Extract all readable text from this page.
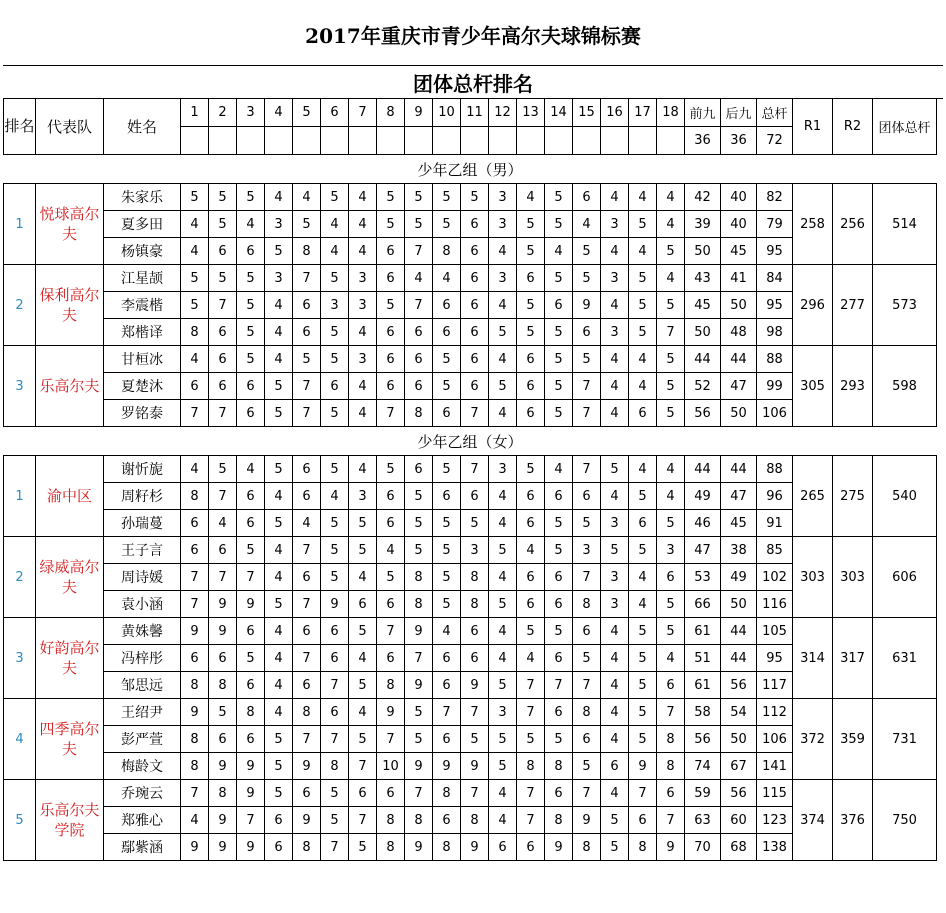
2017年重庆市青少年高尔夫球锦标赛
团体总杆排名
排名	代表队	姓名	1	2	3	4	5	6	7	8	9	10	11	12	13	14	15	16	17	18	前九	后九	总杆	R1	R2	团体总杆
																					36	36	72			
少年乙组（男）																										
1	悦球高尔夫	朱家乐	5	5	5	4	4	5	4	5	5	5	5	3	4	5	6	4	4	4	42	40	82	258	256	514
		夏多田	4	5	4	3	5	4	4	5	5	5	6	3	5	5	4	3	5	4	39	40	79			
		杨镇豪	4	6	6	5	8	4	4	6	7	8	6	4	5	4	5	4	4	5	50	45	95			
2	保利高尔夫	江星颉	5	5	5	3	7	5	3	6	4	4	6	3	6	5	5	3	5	4	43	41	84	296	277	573
		李震楷	5	7	5	4	6	3	3	5	7	6	6	4	5	6	9	4	5	5	45	50	95			
		郑楷译	8	6	5	4	6	5	4	6	6	6	6	5	5	5	6	3	5	7	50	48	98			
3	乐高尔夫	甘桓冰	4	6	5	4	5	5	3	6	6	5	6	4	6	5	5	4	4	5	44	44	88	305	293	598
		夏楚沐	6	6	6	5	7	6	4	6	6	5	6	5	6	5	7	4	4	5	52	47	99			
		罗铭泰	7	7	6	5	7	5	4	7	8	6	7	4	6	5	7	4	6	5	56	50	106			
少年乙组（女）																										
1	渝中区	谢忻旎	4	5	4	5	6	5	4	5	6	5	7	3	5	4	7	5	4	4	44	44	88	265	275	540
		周籽杉	8	7	6	4	6	4	3	6	5	6	6	4	6	6	6	4	5	4	49	47	96			
		孙瑞蔓	6	4	6	5	4	5	5	6	5	5	5	4	6	5	5	3	6	5	46	45	91			
2	绿威高尔夫	王子言	6	6	5	4	7	5	5	4	5	5	3	5	4	5	3	5	5	3	47	38	85	303	303	606
		周诗媛	7	7	7	4	6	5	4	5	8	5	8	4	6	6	7	3	4	6	53	49	102			
		袁小涵	7	9	9	5	7	9	6	6	8	5	8	5	6	6	8	3	4	5	66	50	116			
3	好韵高尔夫	黄姝馨	9	9	6	4	6	6	5	7	9	4	6	4	5	5	6	4	5	5	61	44	105	314	317	631
		冯梓彤	6	6	5	4	7	6	4	6	7	6	6	4	4	6	5	4	5	4	51	44	95			
		邹思远	8	8	6	4	6	7	5	8	9	6	9	5	7	7	7	4	5	6	61	56	117			
4	四季高尔夫	王绍尹	9	5	8	4	8	6	4	9	5	7	7	3	7	6	8	4	5	7	58	54	112	372	359	731
		彭严萱	8	6	6	5	7	7	5	7	5	6	5	5	5	5	6	4	5	8	56	50	106			
		梅龄文	8	9	9	5	9	8	7	10	9	9	9	5	8	8	5	6	9	8	74	67	141			
5	乐高尔夫学院	乔琬云	7	8	9	5	6	5	6	6	7	8	7	4	7	6	7	4	7	6	59	56	115	374	376	750
		郑雅心	4	9	7	6	9	5	7	8	8	6	8	4	7	8	9	5	6	7	63	60	123			
		鄢紫涵	9	9	9	6	8	7	5	8	9	8	9	6	6	9	8	5	8	9	70	68	138			
